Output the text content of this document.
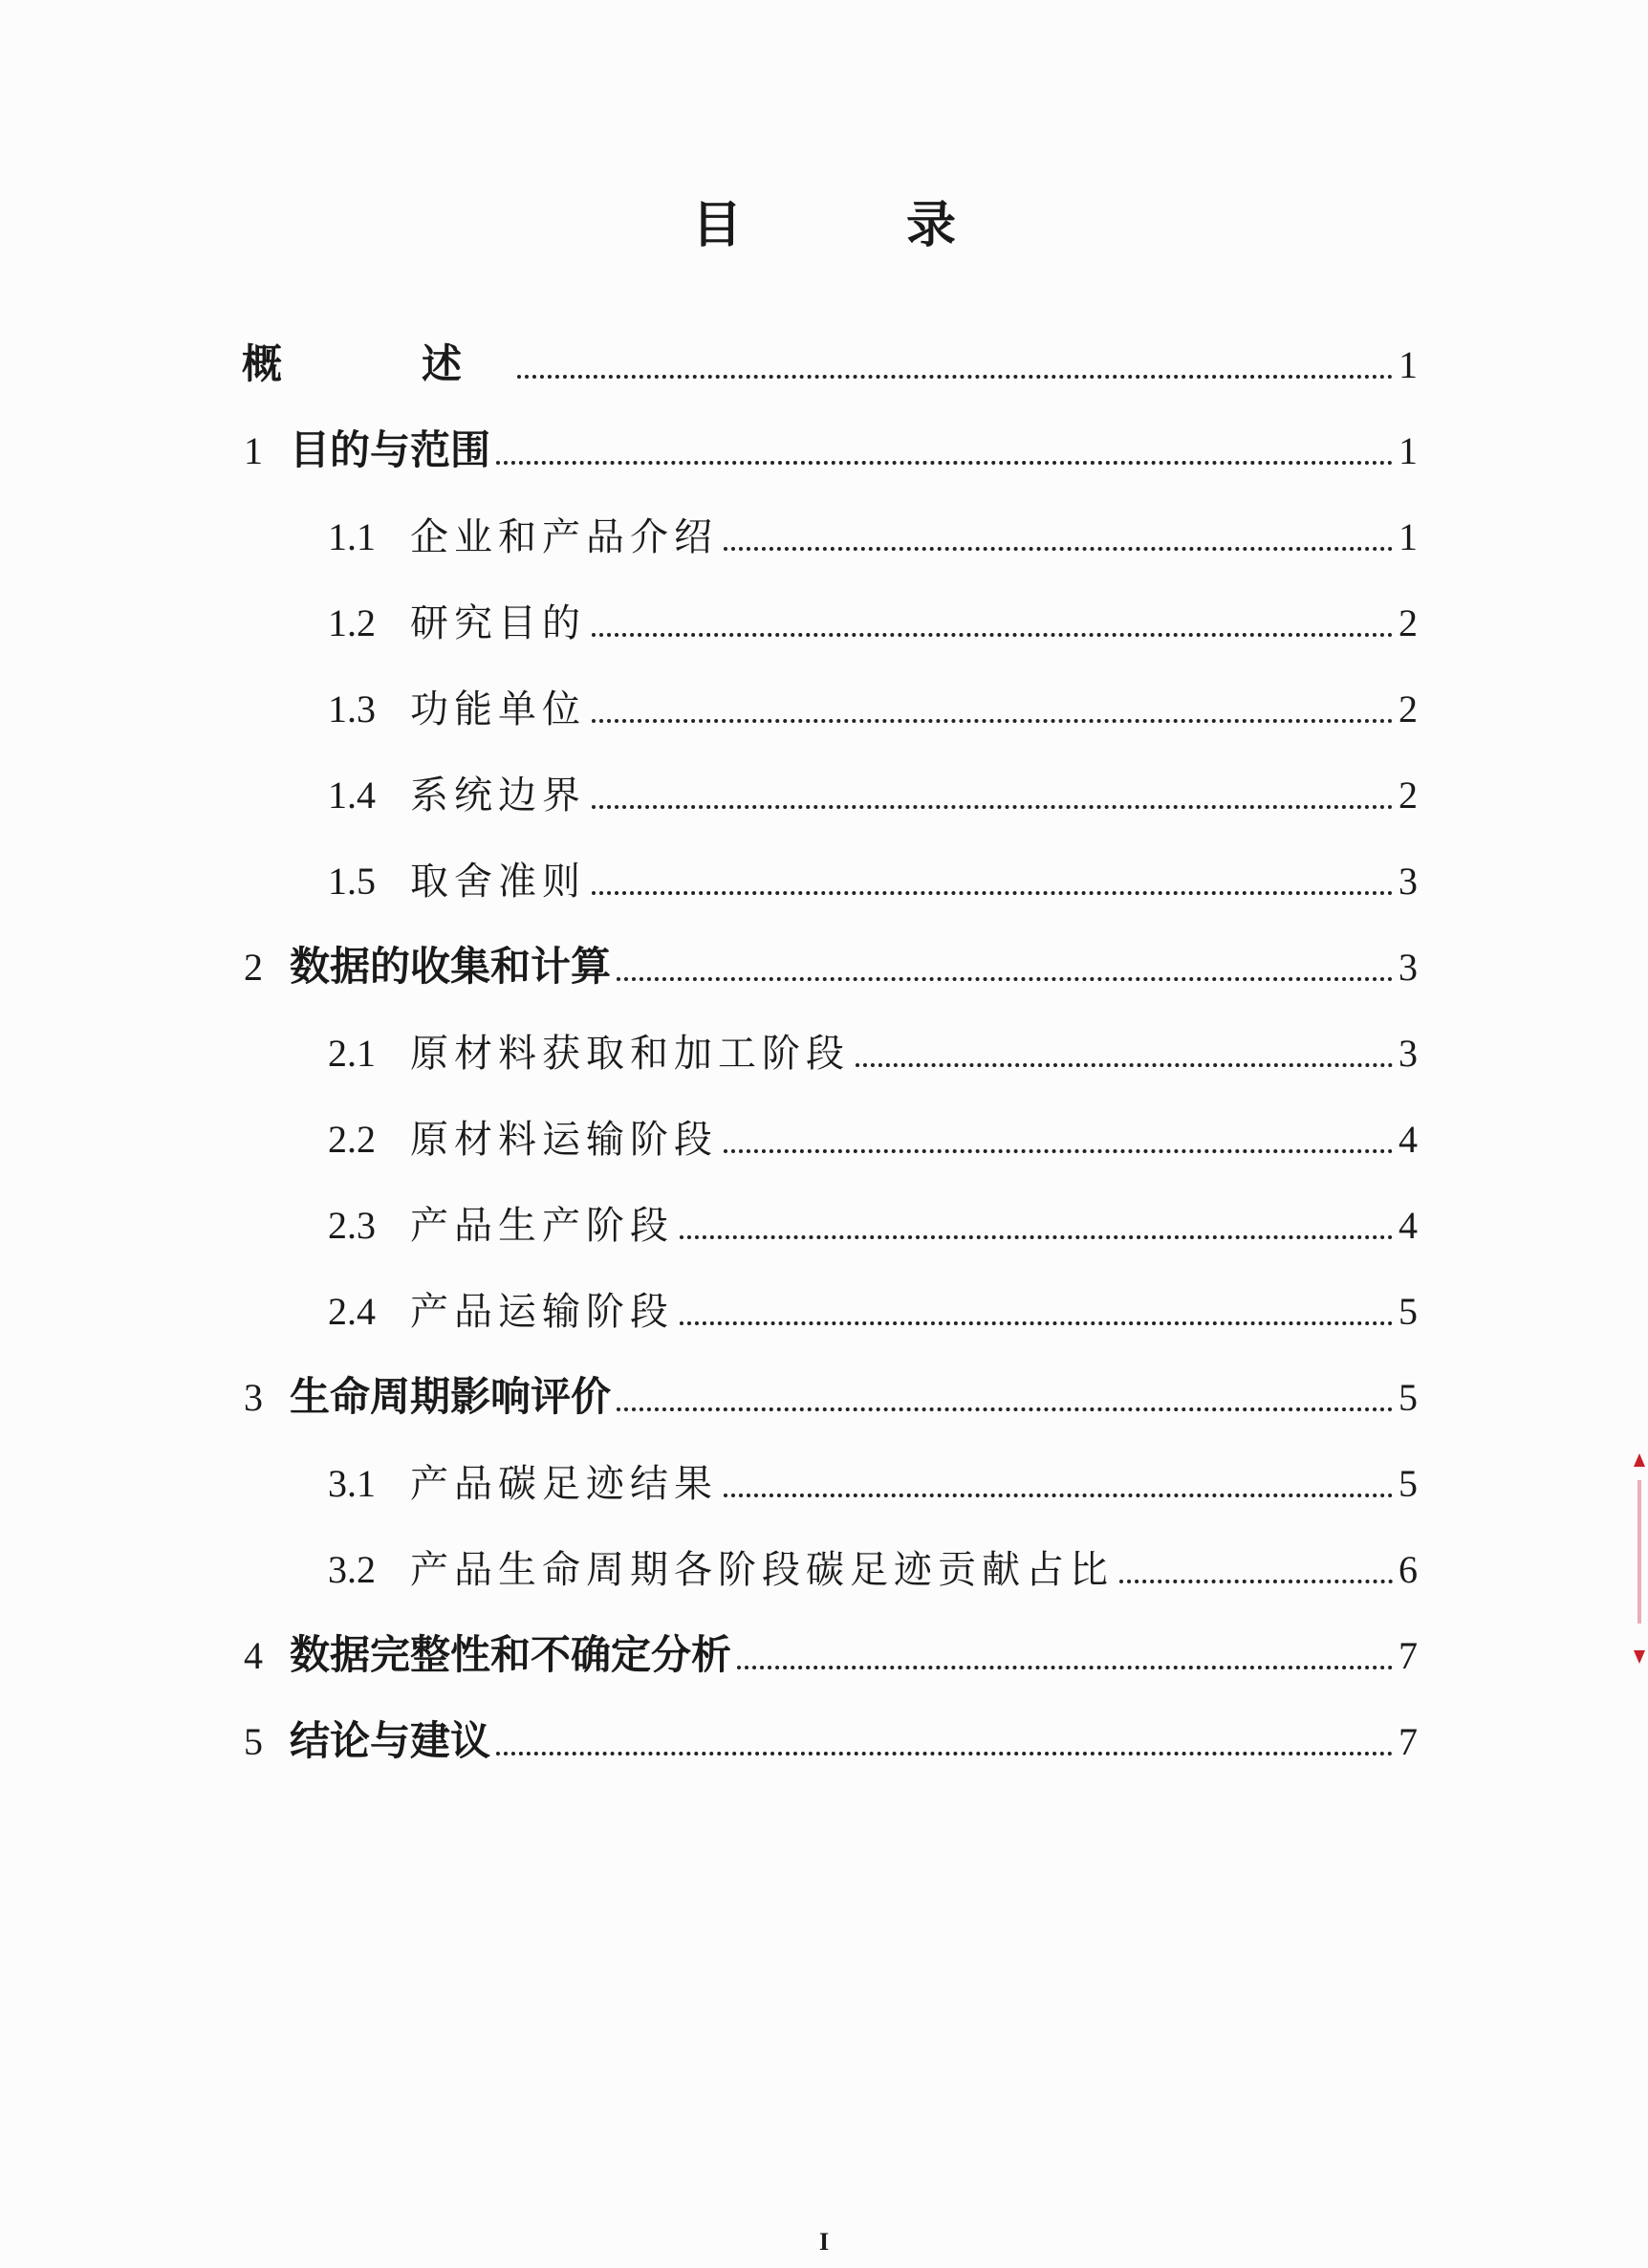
目　录
概　述	1
1 目的与范围	1
1.1 企业和产品介绍	1
1.2 研究目的	2
1.3 功能单位	2
1.4 系统边界	2
1.5 取舍准则	3
2 数据的收集和计算	3
2.1 原材料获取和加工阶段	3
2.2 原材料运输阶段	4
2.3 产品生产阶段	4
2.4 产品运输阶段	5
3 生命周期影响评价	5
3.1 产品碳足迹结果	5
3.2 产品生命周期各阶段碳足迹贡献占比	6
4 数据完整性和不确定分析	7
5 结论与建议	7
I
